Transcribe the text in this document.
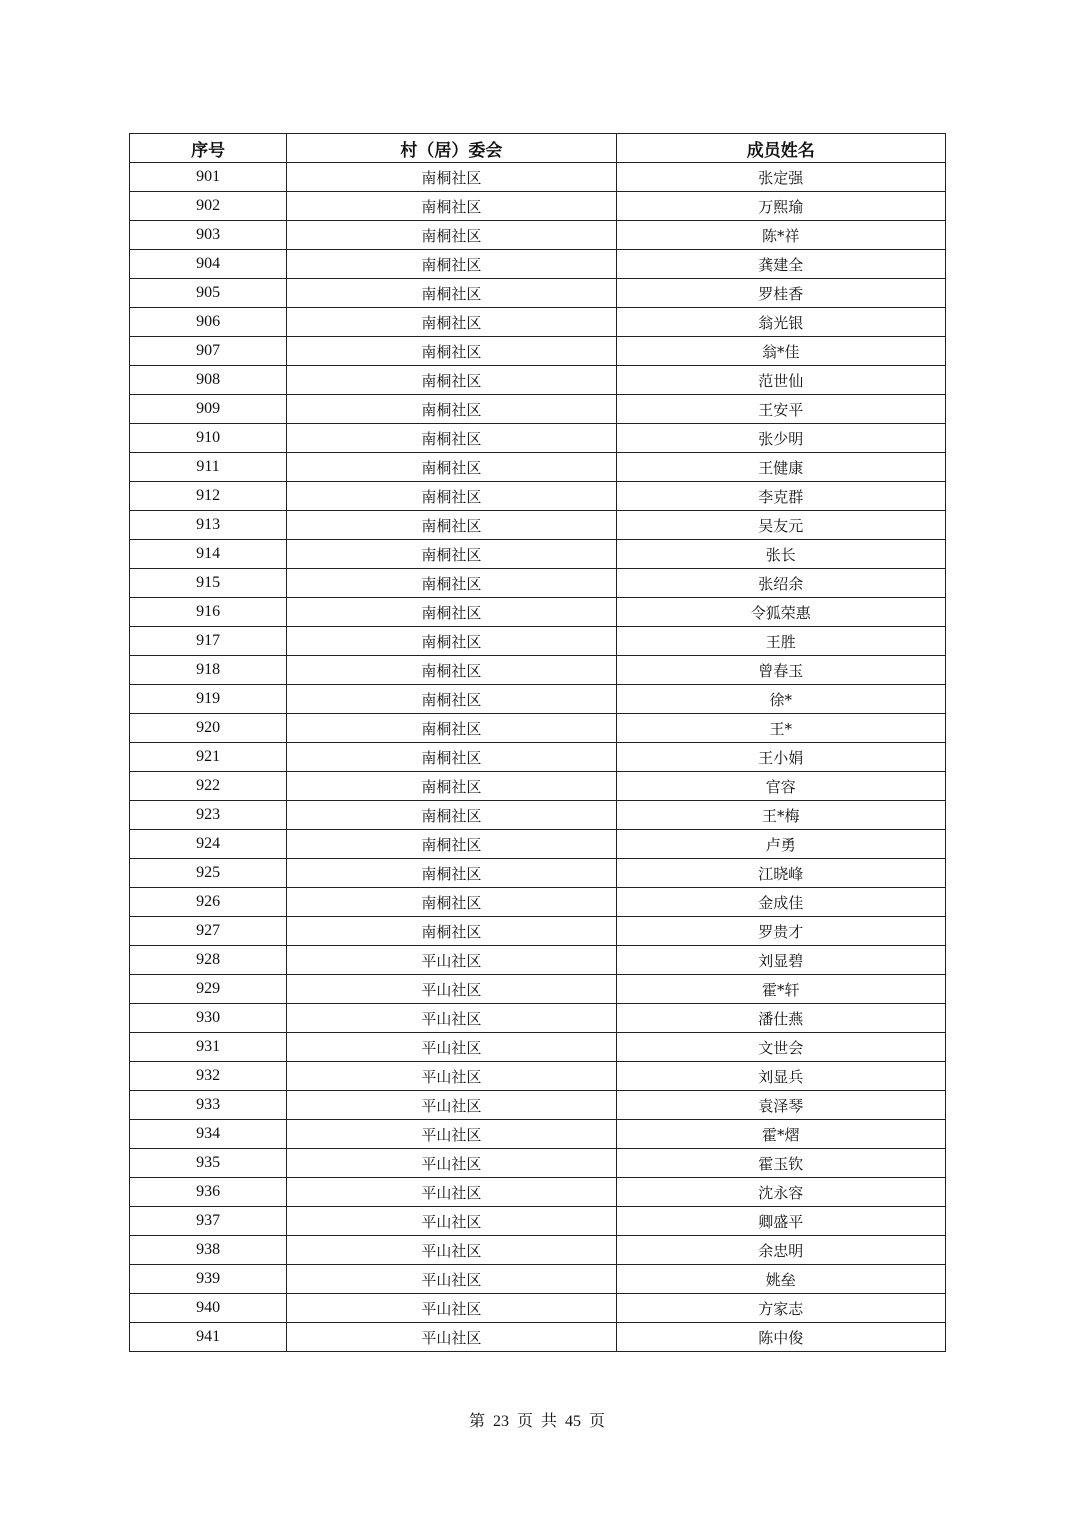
序号	村（居）委会	成员姓名
901	南桐社区	张定强
902	南桐社区	万熙瑜
903	南桐社区	陈*祥
904	南桐社区	龚建全
905	南桐社区	罗桂香
906	南桐社区	翁光银
907	南桐社区	翁*佳
908	南桐社区	范世仙
909	南桐社区	王安平
910	南桐社区	张少明
911	南桐社区	王健康
912	南桐社区	李克群
913	南桐社区	吴友元
914	南桐社区	张长
915	南桐社区	张绍余
916	南桐社区	令狐荣惠
917	南桐社区	王胜
918	南桐社区	曾春玉
919	南桐社区	徐*
920	南桐社区	王*
921	南桐社区	王小娟
922	南桐社区	官容
923	南桐社区	王*梅
924	南桐社区	卢勇
925	南桐社区	江晓峰
926	南桐社区	金成佳
927	南桐社区	罗贵才
928	平山社区	刘显碧
929	平山社区	霍*轩
930	平山社区	潘仕燕
931	平山社区	文世会
932	平山社区	刘显兵
933	平山社区	袁泽琴
934	平山社区	霍*熠
935	平山社区	霍玉钦
936	平山社区	沈永容
937	平山社区	卿盛平
938	平山社区	余忠明
939	平山社区	姚垒
940	平山社区	方家志
941	平山社区	陈中俊
第 23 页 共 45 页
